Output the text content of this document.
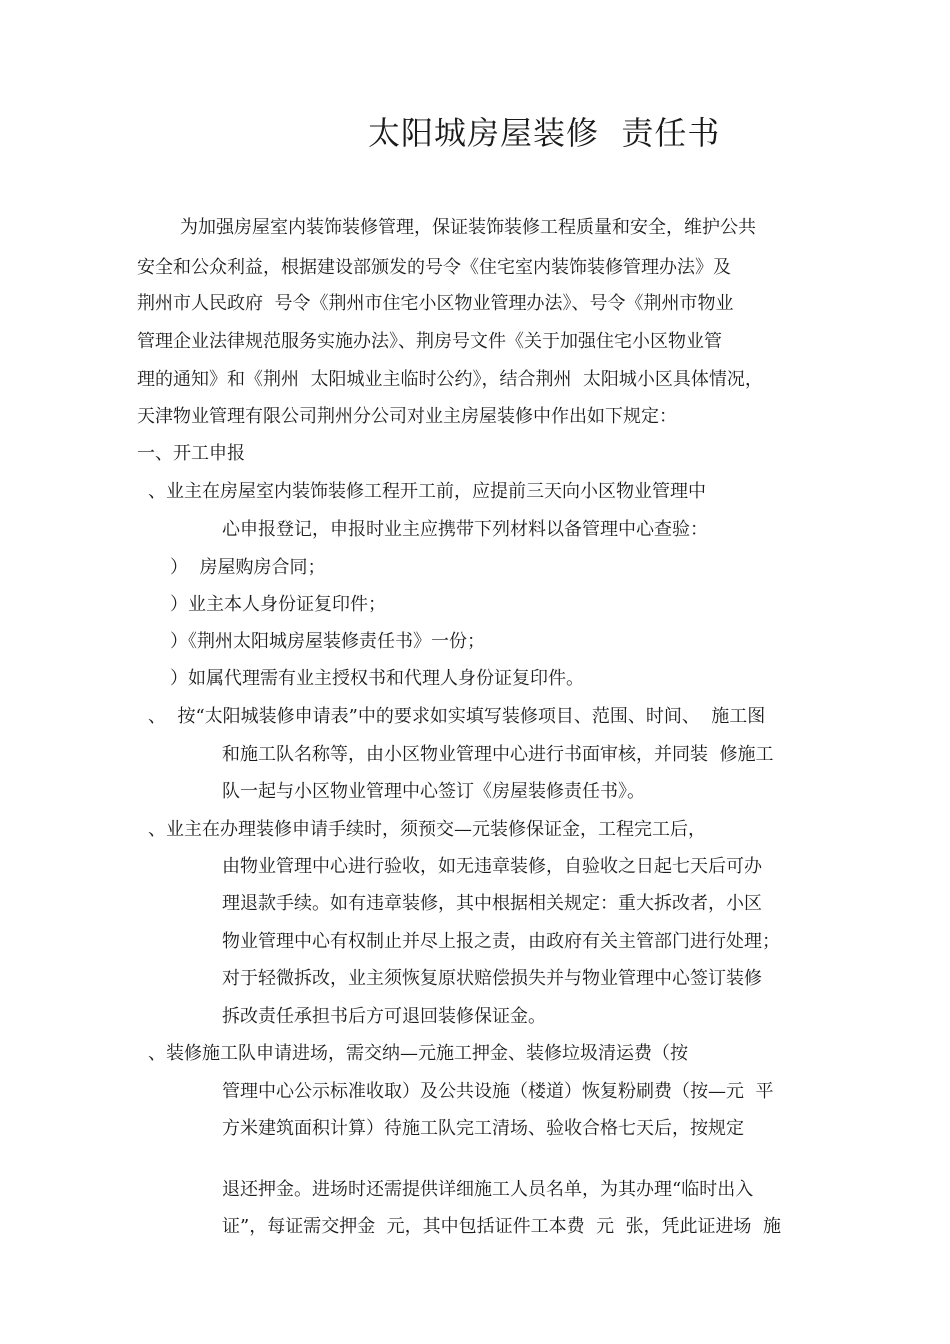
太阳城房屋装修  责任书
为加强房屋室内装饰装修管理，保证装饰装修工程质量和安全，维护公共
安全和公众利益，根据建设部颁发的号令《住宅室内装饰装修管理办法》及
荆州市人民政府  号令《荆州市住宅小区物业管理办法》、号令《荆州市物业
管理企业法律规范服务实施办法》、荆房号文件《关于加强住宅小区物业管
理的通知》和《荆州  太阳城业主临时公约》，结合荆州  太阳城小区具体情况，
天津物业管理有限公司荆州分公司对业主房屋装修中作出如下规定：
一、开工申报
、业主在房屋室内装饰装修工程开工前，应提前三天向小区物业管理中
心申报登记，申报时业主应携带下列材料以备管理中心查验：
）  房屋购房合同；
）业主本人身份证复印件；
）《荆州太阳城房屋装修责任书》一份；
）如属代理需有业主授权书和代理人身份证复印件。
、  按“太阳城装修申请表”中的要求如实填写装修项目、范围、时间、  施工图
和施工队名称等，由小区物业管理中心进行书面审核，并同装  修施工
队一起与小区物业管理中心签订《房屋装修责任书》。
、业主在办理装修申请手续时，须预交—元装修保证金，工程完工后，
由物业管理中心进行验收，如无违章装修，自验收之日起七天后可办
理退款手续。如有违章装修，其中根据相关规定：重大拆改者，小区
物业管理中心有权制止并尽上报之责，由政府有关主管部门进行处理；
对于轻微拆改，业主须恢复原状赔偿损失并与物业管理中心签订装修
拆改责任承担书后方可退回装修保证金。
、装修施工队申请进场，需交纳—元施工押金、装修垃圾清运费（按
管理中心公示标准收取）及公共设施（楼道）恢复粉刷费（按—元  平
方米建筑面积计算）待施工队完工清场、验收合格七天后，按规定
退还押金。进场时还需提供详细施工人员名单，为其办理“临时出入
证”，每证需交押金  元，其中包括证件工本费  元  张，凭此证进场  施
